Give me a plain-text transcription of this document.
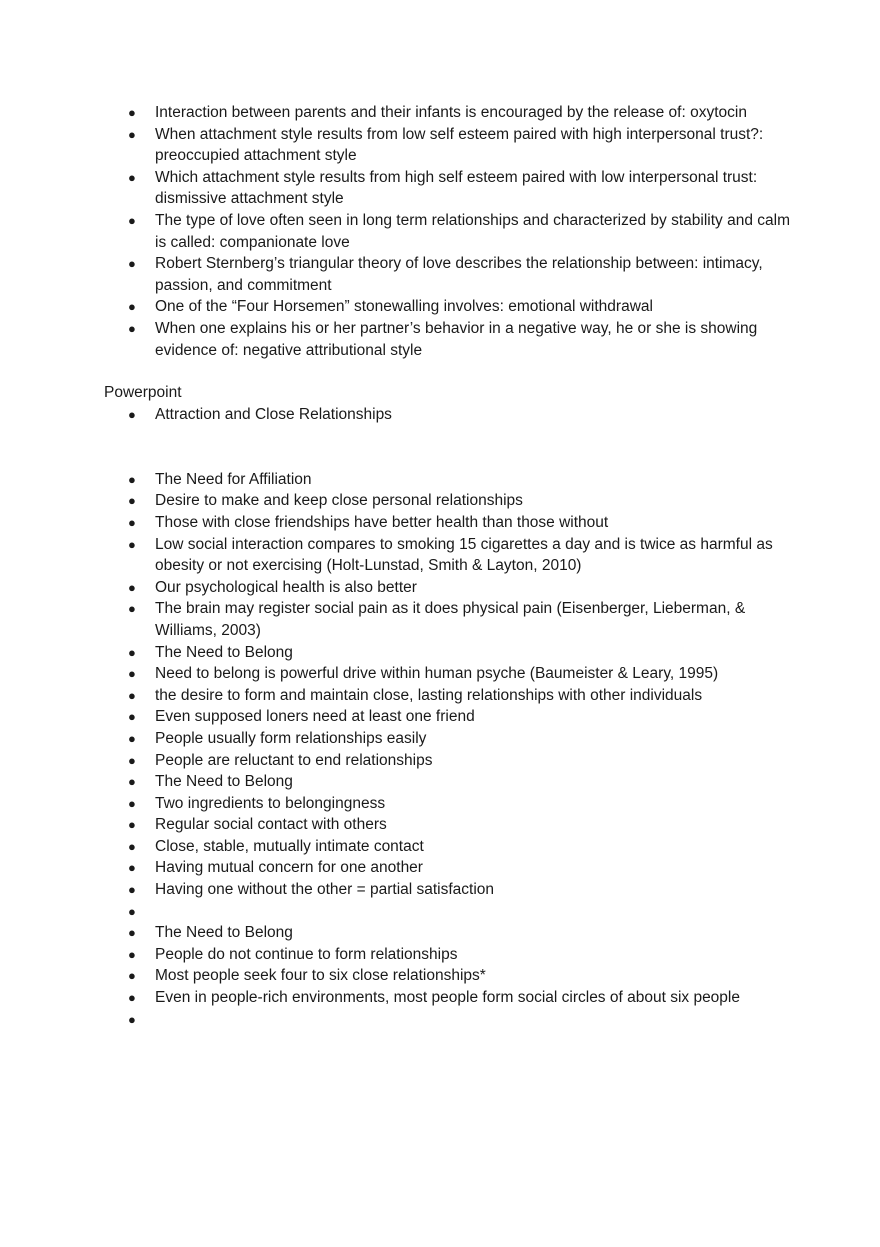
● Interaction between parents and their infants is encouraged by the release of: oxytocin
● When attachment style results from low self esteem paired with high interpersonal trust?: preoccupied attachment style
● Which attachment style results from high self esteem paired with low interpersonal trust: dismissive attachment style
● The type of love often seen in long term relationships and characterized by stability and calm is called: companionate love
● Robert Sternberg’s triangular theory of love describes the relationship between: intimacy, passion, and commitment
● One of the “Four Horsemen” stonewalling involves: emotional withdrawal
● When one explains his or her partner’s behavior in a negative way, he or she is showing evidence of: negative attributional style
Powerpoint
● Attraction and Close Relationships
● The Need for Affiliation
● Desire to make and keep close personal relationships
● Those with close friendships have better health than those without
● Low social interaction compares to smoking 15 cigarettes a day and is twice as harmful as obesity or not exercising (Holt-Lunstad, Smith & Layton, 2010)
● Our psychological health is also better
● The brain may register social pain as it does physical pain (Eisenberger, Lieberman, & Williams, 2003)
● The Need to Belong
● Need to belong is powerful drive within human psyche (Baumeister & Leary, 1995)
● the desire to form and maintain close, lasting relationships with other individuals
● Even supposed loners need at least one friend
● People usually form relationships easily
● People are reluctant to end relationships
● The Need to Belong
● Two ingredients to belongingness
● Regular social contact with others
● Close, stable, mutually intimate contact
● Having mutual concern for one another
● Having one without the other = partial satisfaction
●
● The Need to Belong
● People do not continue to form relationships
● Most people seek four to six close relationships*
● Even in people-rich environments, most people form social circles of about six people
●
